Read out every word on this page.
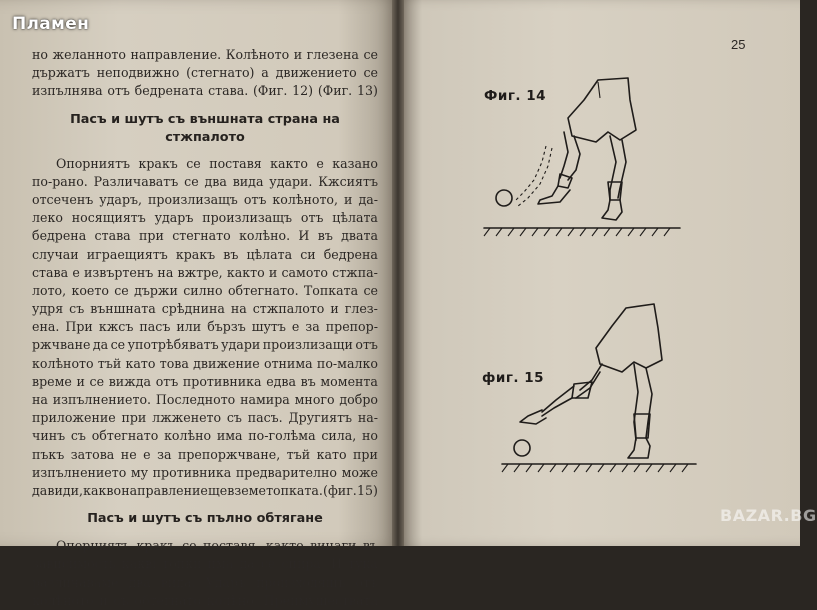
но желанното направление. Колѣното и глезена се
държатъ неподвижно (стегнато) а движението се
изпълнява отъ бедрената става. (Фиг. 12) (Фиг. 13)
Пасъ и шутъ съ външната страна на
стжпалото
Опорниятъ кракъ се поставя както е казано
по-рано. Различаватъ се два вида удари. Кжсиятъ
отсеченъ ударъ, произлизащъ отъ колѣното, и да-
леко носящиятъ ударъ произлизащъ отъ цѣлата
бедрена става при стегнато колѣно. И въ двата
случаи играещиятъ кракъ въ цѣлата си бедрена
става е извъртенъ на вжтре, както и самото стжпа-
лото, което се държи силно обтегнато. Топката се
удря съ външната срѣднина на стжпалото и глез-
ена. При кжсъ пасъ или бързъ шутъ е за препор-
ржчване да се употрѣбяватъ удари произлизащи отъ
колѣното тъй като това движение отнима по-малко
време и се вижда отъ противника едва въ момента
на изпълнението. Последното намира много добро
приложение при лжженето съ пасъ. Другиятъ на-
чинъ съ обтегнато колѣно има по-голѣма сила, но
пъкъ затова не е за препоржчване, тъй като при
изпълнението му противника предварително може
да види, какво направление ще вземе топката. (фиг. 15)
Пасъ и шутъ съ пълно обтягане
Опорниятъ кракъ се поставя, както винаги въ
зависимость каквi топки има да се спира. И тука
различаваме два вида. Ударъ произходящъ отъ
колѣното и съ обтегнато колѣно. Преимуществата
25
Фиг. 14
фиг. 15
Пламен
BAZAR.BG
